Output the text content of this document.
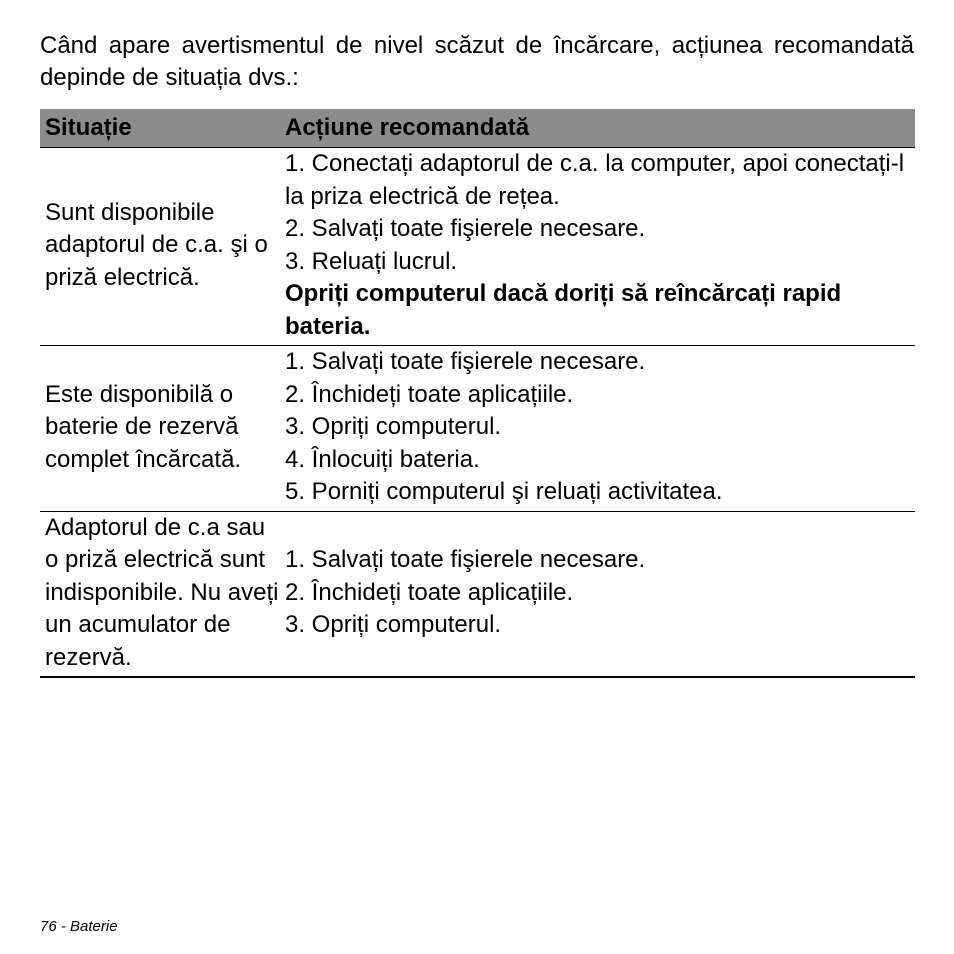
Când apare avertismentul de nivel scăzut de încărcare, acțiunea recomandată depinde de situația dvs.:

Situație	Acțiune recomandată
Sunt disponibile adaptorul de c.a. şi o priză electrică.	1. Conectați adaptorul de c.a. la computer, apoi conectați-l la priza electrică de rețea.
2. Salvați toate fişierele necesare.
3. Reluați lucrul.
Opriți computerul dacă doriți să reîncărcați rapid bateria.

Este disponibilă o baterie de rezervă complet încărcată.	1. Salvați toate fişierele necesare.
2. Închideți toate aplicațiile.
3. Opriți computerul.
4. Înlocuiți bateria.
5. Porniți computerul şi reluați activitatea.

Adaptorul de c.a sau o priză electrică sunt indisponibile. Nu aveți un acumulator de rezervă.	1. Salvați toate fişierele necesare.
2. Închideți toate aplicațiile.
3. Opriți computerul.
76 - Baterie
